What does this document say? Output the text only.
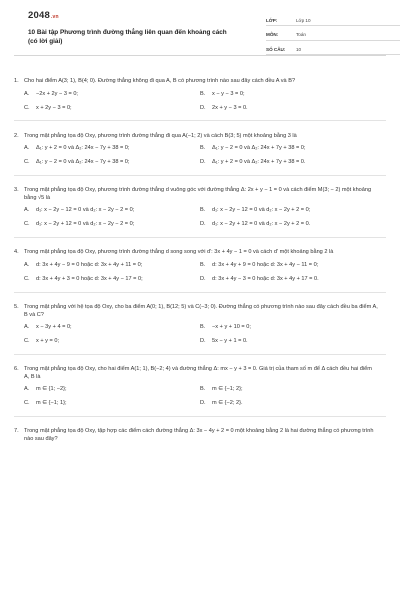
2048.vn
10 Bài tập Phương trình đường thẳng liên quan đến khoảng cách (có lời giải)
LỚP:	Lớp 10
MÔN:	Toán
SỐ CÂU:	10
1. Cho hai điểm A(3; 1), B(4; 0). Đường thẳng không đi qua A, B có phương trình nào sau đây cách đều A và B?
A.	−2x + 2y − 3 = 0;	B.	x − y − 3 = 0;
C.	x + 2y − 3 = 0;	D.	2x + y − 3 = 0.
2. Trong mặt phẳng tọa độ Oxy, phương trình đường thẳng đi qua A(−1; 2) và cách B(3; 5) một khoảng bằng 3 là
A.	Δ₁: y + 2 = 0 và Δ₂: 24x − 7y + 38 = 0;	B.	Δ₁: y − 2 = 0 và Δ₂: 24x + 7y + 38 = 0;
C.	Δ₁: y − 2 = 0 và Δ₂: 24x − 7y + 38 = 0;	D.	Δ₁: y + 2 = 0 và Δ₂: 24x + 7y + 38 = 0.
3. Trong mặt phẳng tọa độ Oxy, phương trình đường thẳng d vuông góc với đường thẳng Δ: 2x + y − 1 = 0 và cách điểm M(3; − 2) một khoảng bằng √5 là
A.	d₁: x − 2y − 12 = 0 và d₂: x − 2y − 2 = 0;	B.	d₁: x − 2y − 12 = 0 và d₂: x − 2y + 2 = 0;
C.	d₁: x − 2y + 12 = 0 và d₂: x − 2y − 2 = 0;	D.	d₁: x − 2y + 12 = 0 và d₂: x − 2y + 2 = 0.
4. Trong mặt phẳng tọa độ Oxy, phương trình đường thẳng d song song với d': 3x + 4y − 1 = 0 và cách d' một khoảng bằng 2 là
A.	d: 3x + 4y − 9 = 0 hoặc d: 3x + 4y + 11 = 0;	B.	d: 3x + 4y + 9 = 0 hoặc d: 3x + 4y − 11 = 0;
C.	d: 3x + 4y + 3 = 0 hoặc d: 3x + 4y − 17 = 0;	D.	d: 3x + 4y − 3 = 0 hoặc d: 3x + 4y + 17 = 0.
5. Trong mặt phẳng với hệ tọa độ Oxy, cho ba điểm A(0; 1), B(12; 5) và C(−3; 0). Đường thẳng có phương trình nào sau đây cách đều ba điểm A, B và C?
A.	x − 3y + 4 = 0;	B.	−x + y + 10 = 0;
C.	x + y = 0;	D.	5x − y + 1 = 0.
6. Trong mặt phẳng tọa độ Oxy, cho hai điểm A(1; 1), B(−2; 4) và đường thẳng Δ: mx − y + 3 = 0. Giá trị của tham số m để Δ cách đều hai điểm A, B là
A.	m ∈ {1; −2};	B.	m ∈ {−1; 2};
C.	m ∈ {−1; 1};	D.	m ∈ {−2; 2}.
7. Trong mặt phẳng tọa độ Oxy, tập hợp các điểm cách đường thẳng Δ: 3x − 4y + 2 = 0 một khoảng bằng 2 là hai đường thẳng có phương trình nào sau đây?
